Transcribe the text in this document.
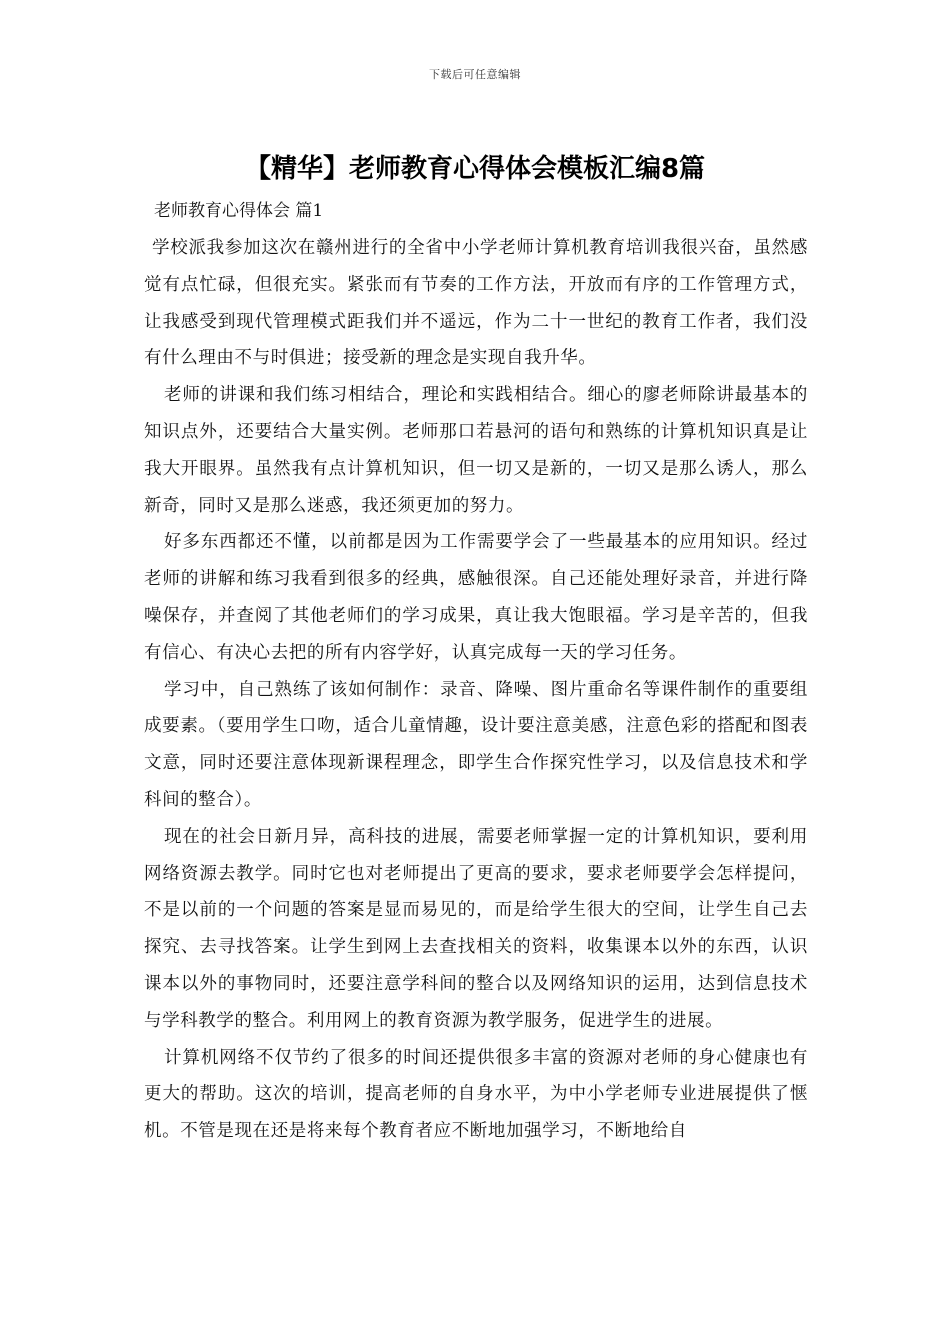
下载后可任意编辑
【精华】老师教育心得体会模板汇编8篇

老师教育心得体会 篇1

学校派我参加这次在赣州进行的全省中小学老师计算机教育培训我很兴奋，虽然感觉有点忙碌，但很充实。紧张而有节奏的工作方法，开放而有序的工作管理方式，让我感受到现代管理模式距我们并不遥远，作为二十一世纪的教育工作者，我们没有什么理由不与时俱进；接受新的理念是实现自我升华。

老师的讲课和我们练习相结合，理论和实践相结合。细心的廖老师除讲最基本的知识点外，还要结合大量实例。老师那口若悬河的语句和熟练的计算机知识真是让我大开眼界。虽然我有点计算机知识，但一切又是新的，一切又是那么诱人，那么新奇，同时又是那么迷惑，我还须更加的努力。

好多东西都还不懂，以前都是因为工作需要学会了一些最基本的应用知识。经过老师的讲解和练习我看到很多的经典，感触很深。自己还能处理好录音，并进行降噪保存，并查阅了其他老师们的学习成果，真让我大饱眼福。学习是辛苦的，但我有信心、有决心去把的所有内容学好，认真完成每一天的学习任务。

学习中，自己熟练了该如何制作：录音、降噪、图片重命名等课件制作的重要组成要素。（要用学生口吻，适合儿童情趣，设计要注意美感，注意色彩的搭配和图表文意，同时还要注意体现新课程理念，即学生合作探究性学习，以及信息技术和学科间的整合）。

现在的社会日新月异，高科技的进展，需要老师掌握一定的计算机知识，要利用网络资源去教学。同时它也对老师提出了更高的要求，要求老师要学会怎样提问，不是以前的一个问题的答案是显而易见的，而是给学生很大的空间，让学生自己去探究、去寻找答案。让学生到网上去查找相关的资料，收集课本以外的东西，认识课本以外的事物同时，还要注意学科间的整合以及网络知识的运用，达到信息技术与学科教学的整合。利用网上的教育资源为教学服务，促进学生的进展。

计算机网络不仅节约了很多的时间还提供很多丰富的资源对老师的身心健康也有更大的帮助。这次的培训，提高老师的自身水平，为中小学老师专业进展提供了惬机。不管是现在还是将来每个教育者应不断地加强学习，不断地给自
